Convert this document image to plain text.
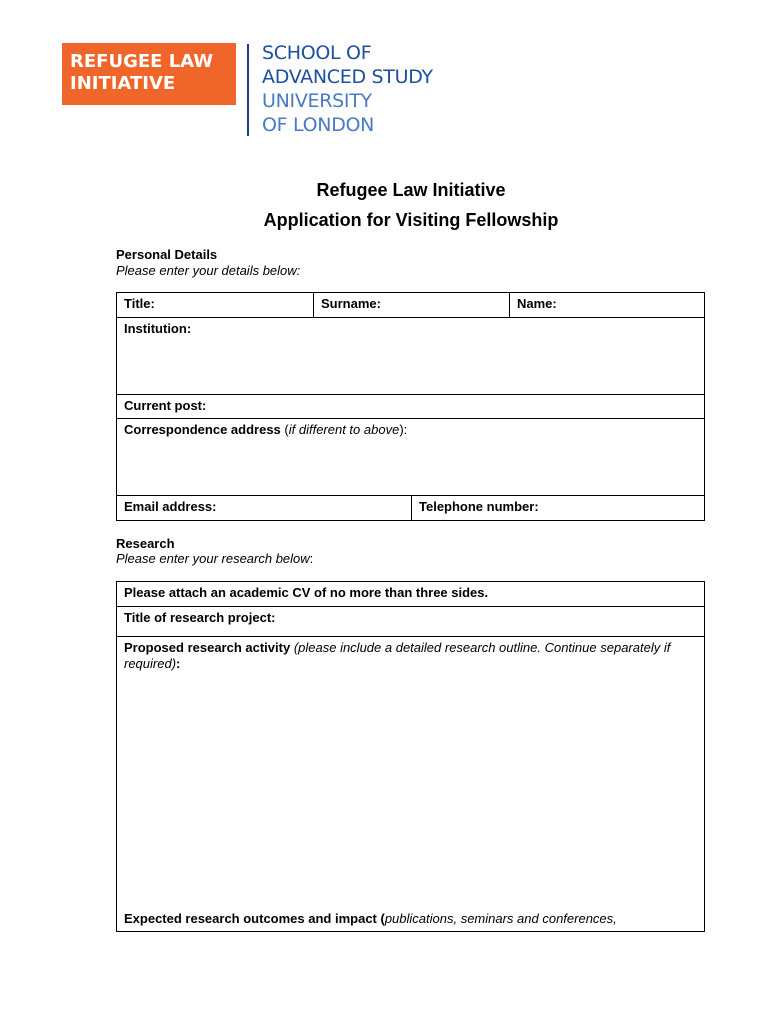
REFUGEE LAW
INITIATIVE
SCHOOL OF
ADVANCED STUDY
UNIVERSITY
OF LONDON
Refugee Law Initiative
Application for Visiting Fellowship
Personal Details
Please enter your details below:
Title:	Surname:	Name:
Institution:
Current post:
Correspondence address (if different to above):
Email address:	Telephone number:
Research
Please enter your research below:
Please attach an academic CV of no more than three sides.
Title of research project:
Proposed research activity (please include a detailed research outline. Continue separately if required):
Expected research outcomes and impact (publications, seminars and conferences,
